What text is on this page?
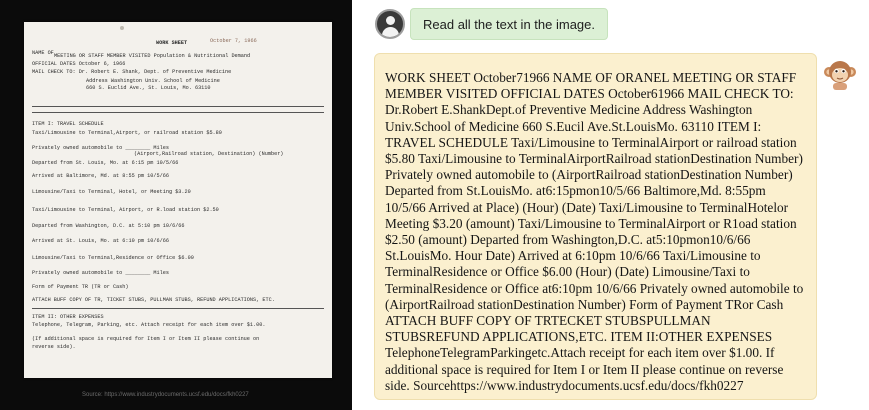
WORK SHEET	October 7, 1966
NAME OF MEETING OR STAFF MEMBER VISITED Population & Nutritional Demand
OFFICIAL DATES October 6, 1966
MAIL CHECK TO: Dr. Robert E. Shank, Dept. of Preventive Medicine
Address Washington Univ. School of Medicine
660 S. Euclid Ave., St. Louis, Mo. 63110
ITEM I: TRAVEL SCHEDULE
Taxi/Limousine to Terminal,Airport, or railroad station $5.80
Privately owned automobile to ________ Miles
(Airport,Railroad station, Destination) (Number)
Departed from St. Louis, Mo. at 6:15 pm 10/5/66
Arrived at Baltimore, Md. at 8:55 pm 10/5/66
Limousine/Taxi to Terminal, Hotel, or Meeting $3.20
Taxi/Limousine to Terminal, Airport, or R.load station $2.50
Departed from Washington, D.C. at 5:10 pm 10/6/66
Arrived at St. Louis, Mo. at 6:10 pm 10/6/66
Limousine/Taxi to Terminal,Residence or Office $6.00
Privately owned automobile to ________ Miles
Form of Payment TR (TR or Cash)
ATTACH BUFF COPY OF TR, TICKET STUBS, PULLMAN STUBS, REFUND APPLICATIONS, ETC.
ITEM II: OTHER EXPENSES
Telephone, Telegram, Parking, etc. Attach receipt for each item over $1.00.
(If additional space is required for Item I or Item II please continue on
reverse side).
Source: https://www.industrydocuments.ucsf.edu/docs/fkh0227
Read all the text in the image.

WORK SHEET October71966 NAME OF ORANEL MEETING OR STAFF MEMBER VISITED OFFICIAL DATES October61966 MAIL CHECK TO: Dr.Robert E.ShankDept.of Preventive Medicine Address Washington Univ.School of Medicine 660 S.Eucil Ave.St.LouisMo. 63110 ITEM I: TRAVEL SCHEDULE Taxi/Limousine to TerminalAirport or railroad station $5.80 Taxi/Limousine to TerminalAirportRailroad stationDestination Number) Privately owned automobile to (AirportRailroad stationDestination Number) Departed from St.LouisMo. at6:15pmon10/5/66 Baltimore,Md. 8:55pm 10/5/66 Arrived at Place) (Hour) (Date) Taxi/Limousine to TerminalHotelor Meeting $3.20 (amount) Taxi/Limousine to TerminalAirport or R1oad station $2.50 (amount) Departed from Washington,D.C. at5:10pmon10/6/66 St.LouisMo. Hour Date) Arrived at 6:10pm 10/6/66 Taxi/Limousine to TerminalResidence or Office $6.00 (Hour) (Date) Limousine/Taxi to TerminalResidence or Office at6:10pm 10/6/66 Privately owned automobile to (AirportRailroad stationDestination Number) Form of Payment TRor Cash ATTACH BUFF COPY OF TRTECKET STUBSPULLMAN STUBSREFUND APPLICATIONS,ETC. ITEM II:OTHER EXPENSES TelephoneTelegramParkingetc.Attach receipt for each item over $1.00. If additional space is required for Item I or Item II please continue on reverse side. Sourcehttps://www.industrydocuments.ucsf.edu/docs/fkh0227
